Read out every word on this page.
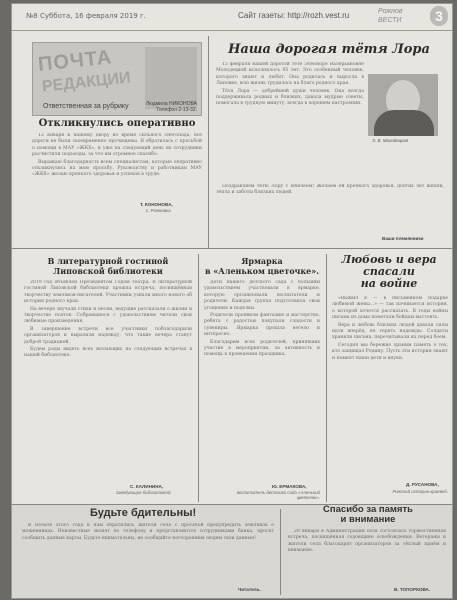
№8 Суббота, 16 февраля 2019 г.	Сайт газеты: http://rozh.vest.ru	Рожнов ВЕСТИ	3
Ответственная за рубрику	Людмила НИКОНОВА
Телефон 2-13-32.
ПОЧТА
РЕДАКЦИИ
Откликнулись оперативно

12 января к нашему двору во время сильного снегопада, все дороги не были своевременно прочищены. Я обратилась с просьбой о помощи в МАУ «ЖКХ», и уже на следующий день их сотрудники расчистили подъезды, за что им огромное спасибо.

Выражаю благодарность всем специалистам, которые оперативно откликнулись на мою просьбу. Руководству и работникам МАУ «ЖКХ» желаю крепкого здоровья и успехов в труде.

Т. КОНОНОВА,
с. Рожновка.
Наша дорогая тётя Лора

15 февраля нашей дорогой тёте Элеоноре Валерьяновне Молодецкой исполнилось 95 лет. Это особенный человек, которого знают и любят. Она родилась и выросла в Липовке, всю жизнь трудилась на благо родного края.

Тётя Лора — добрейшей души человек. Она всегда поддерживала родных и близких, давала мудрые советы, помогала в трудную минуту, всегда в хорошем настроении.

Э. В. Молодецкая

Поздравляем тётю Лору с юбилеем! Желаем ей крепкого здоровья, долгих лет жизни, тепла и заботы близких людей.

Ваши племянники
В литературной гостиной
Липовской библиотеки

2019 год объявлен Президентом Годом театра. В литературной гостиной Липовской библиотеки прошла встреча, посвящённая творчеству земляков-писателей. Участники узнали много нового об истории родного края.

На вечере звучали стихи и песни, ведущие рассказали о жизни и творчестве поэтов. Собравшиеся с удовольствием читали свои любимые произведения.

В завершение встречи все участники поблагодарили организаторов и выразили надежду, что такие вечера станут доброй традицией.

Будем рады видеть всех желающих на следующих встречах в нашей библиотеке.

С. КАЛИНИНА,
заведующая библиотекой.
Ярмарка
в «Аленьком цветочке».

Дети нашего детского сада с большим удовольствием участвовали в ярмарке, которую организовали воспитатели и родители. Каждая группа подготовила свои угощения и поделки.

Родители проявили фантазию и мастерство, ребята с радостью покупали сладости и сувениры. Ярмарка прошла весело и интересно.

Благодарим всех родителей, принявших участие в мероприятии, за активность и помощь в проведении праздника.

Ю. ЕРМАКОВА,
воспитатель детского сада «Аленький цветочек».
Любовь и вера
спасали
на войне

«Выжил я — в письменном подарке любимой жены...» — так начинается история, о которой хочется рассказать. В годы войны письма из дома помогали бойцам выстоять.

Вера и любовь близких людей давали силы идти вперёд, не терять надежды. Солдаты хранили письма, перечитывали их перед боем.

Сегодня мы бережно храним память о тех, кто защищал Родину. Пусть эти истории знают и помнят наши дети и внуки.

Д. РУСАНОВА,
Рижский историк-краевед.
Будьте бдительны!

В начале этого года к нам обратились жители села с просьбой предупредить земляков о мошенниках. Неизвестные звонят по телефону и представляются сотрудниками банка, просят сообщить данные карты. Будьте внимательны, не сообщайте посторонним людям свои данные!

Читатель.
Спасибо за память
и внимание

29 января в Администрации села состоялась торжественная встреча, посвящённая годовщине освобождения. Ветераны и жители села благодарят организаторов за тёплый приём и внимание.

В. ТОПОРКОВА.
